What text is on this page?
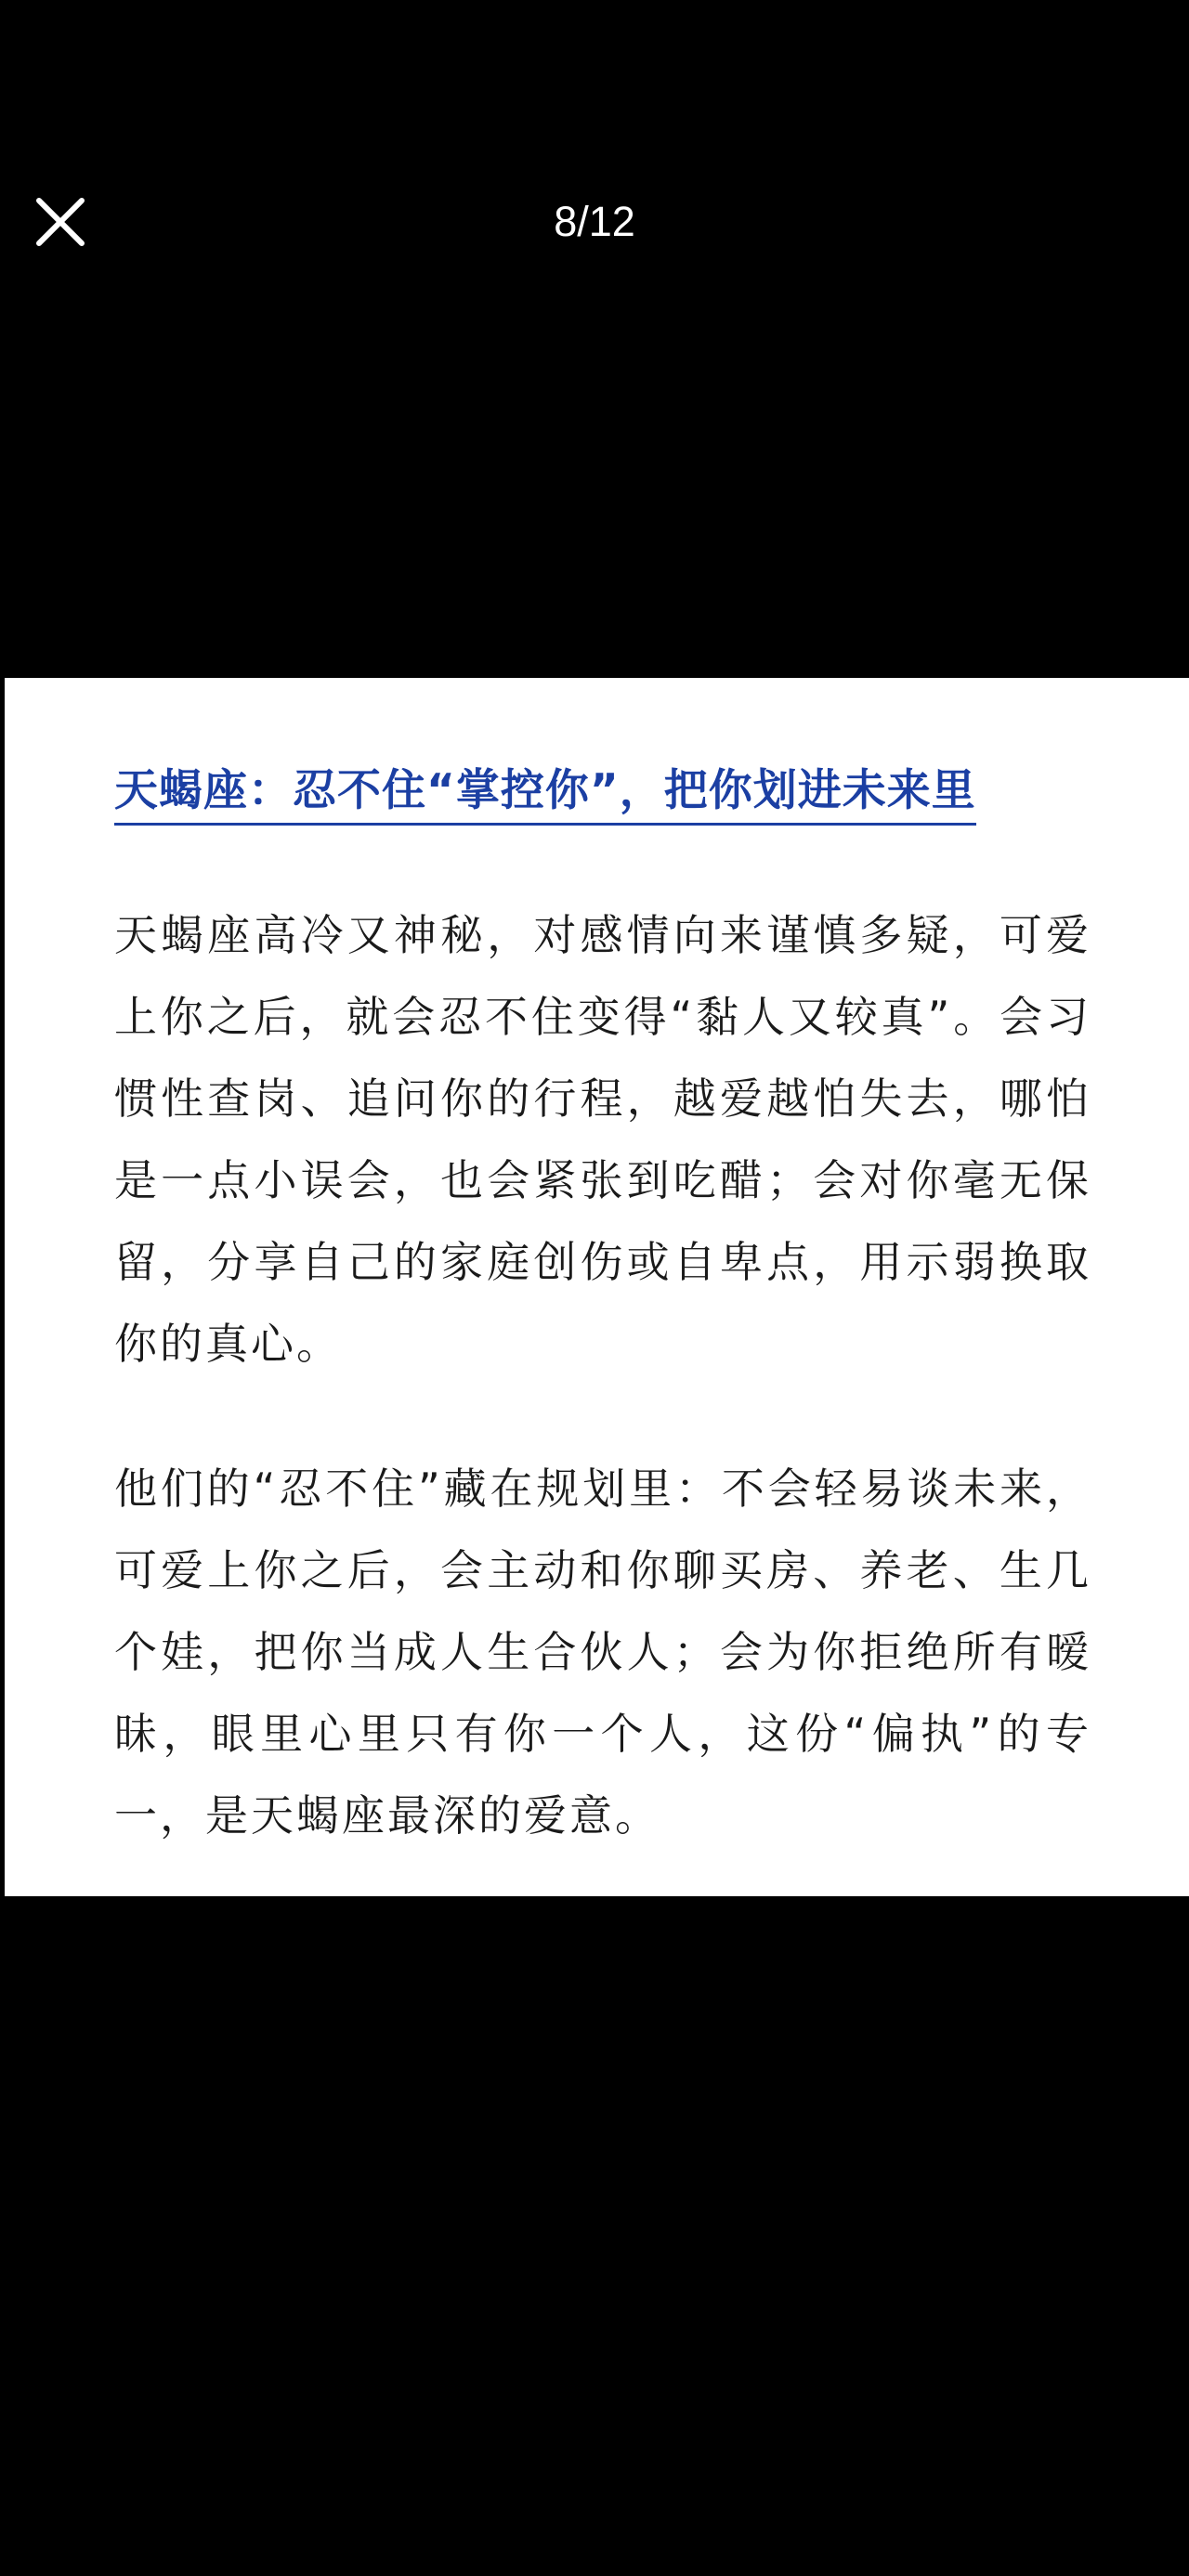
8/12
天蝎座：忍不住“掌控你”，把你划进未来里

天蝎座高冷又神秘，对感情向来谨慎多疑，可爱上你之后，就会忍不住变得“黏人又较真”。会习惯性查岗、追问你的行程，越爱越怕失去，哪怕是一点小误会，也会紧张到吃醋；会对你毫无保留，分享自己的家庭创伤或自卑点，用示弱换取你的真心。

他们的“忍不住”藏在规划里：不会轻易谈未来，可爱上你之后，会主动和你聊买房、养老、生几个娃，把你当成人生合伙人；会为你拒绝所有暧昧，眼里心里只有你一个人，这份“偏执”的专一，是天蝎座最深的爱意。
